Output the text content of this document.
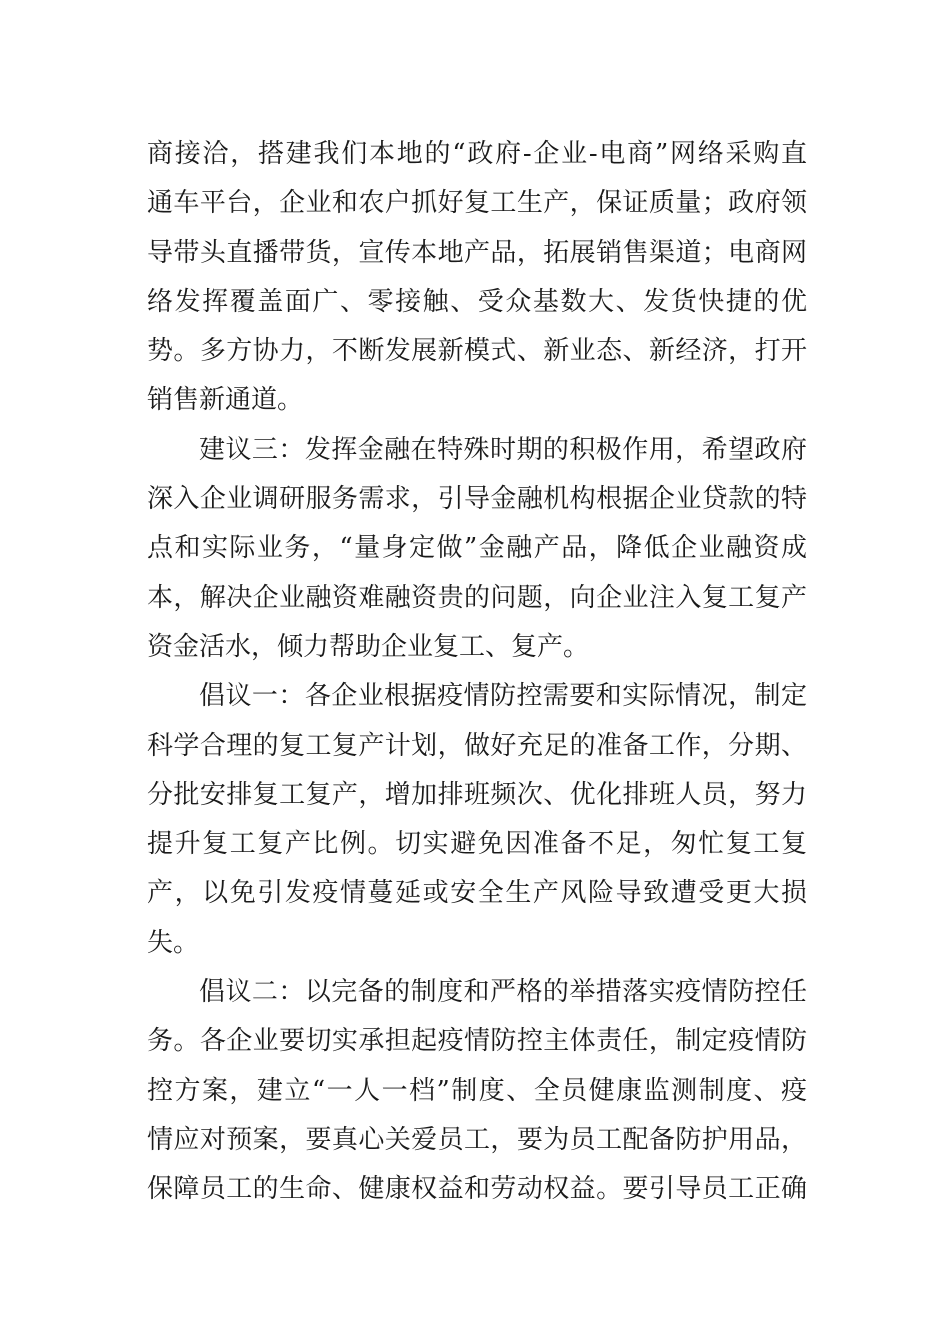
商接洽，搭建我们本地的“政府-企业-电商”网络采购直
通车平台，企业和农户抓好复工生产，保证质量；政府领
导带头直播带货，宣传本地产品，拓展销售渠道；电商网
络发挥覆盖面广、零接触、受众基数大、发货快捷的优
势。多方协力，不断发展新模式、新业态、新经济，打开
销售新通道。
建议三：发挥金融在特殊时期的积极作用，希望政府
深入企业调研服务需求，引导金融机构根据企业贷款的特
点和实际业务，“量身定做”金融产品，降低企业融资成
本，解决企业融资难融资贵的问题，向企业注入复工复产
资金活水，倾力帮助企业复工、复产。
倡议一：各企业根据疫情防控需要和实际情况，制定
科学合理的复工复产计划，做好充足的准备工作，分期、
分批安排复工复产，增加排班频次、优化排班人员，努力
提升复工复产比例。切实避免因准备不足，匆忙复工复
产，以免引发疫情蔓延或安全生产风险导致遭受更大损
失。
倡议二：以完备的制度和严格的举措落实疫情防控任
务。各企业要切实承担起疫情防控主体责任，制定疫情防
控方案，建立“一人一档”制度、全员健康监测制度、疫
情应对预案，要真心关爱员工，要为员工配备防护用品，
保障员工的生命、健康权益和劳动权益。要引导员工正确
